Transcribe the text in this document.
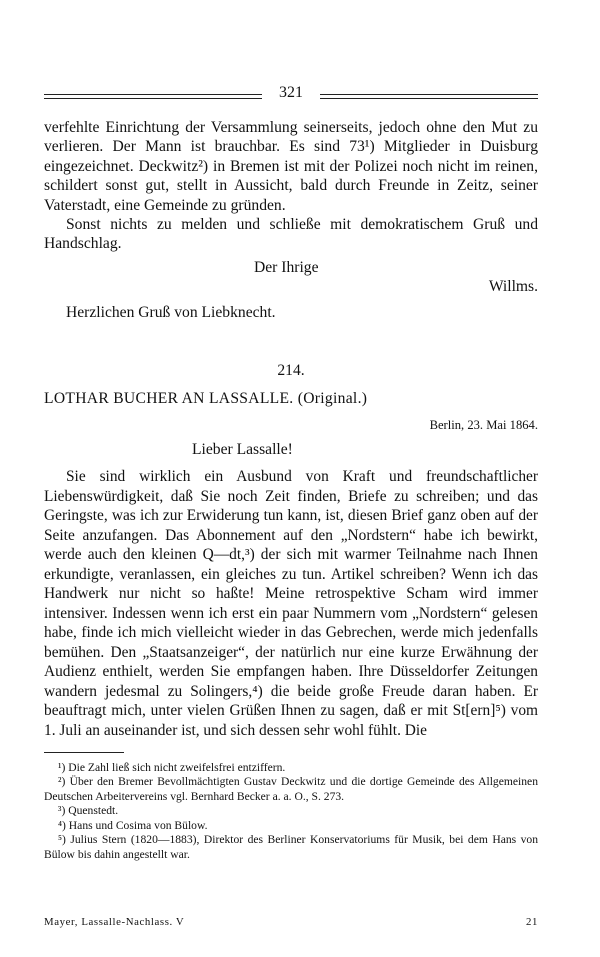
321

verfehlte Einrichtung der Versammlung seinerseits, jedoch ohne den Mut zu verlieren. Der Mann ist brauchbar. Es sind 73¹) Mitglieder in Duisburg eingezeichnet. Deckwitz²) in Bremen ist mit der Polizei noch nicht im reinen, schildert sonst gut, stellt in Aussicht, bald durch Freunde in Zeitz, seiner Vaterstadt, eine Gemeinde zu gründen.

Sonst nichts zu melden und schließe mit demokratischem Gruß und Handschlag.

Der Ihrige
Willms.
Herzlichen Gruß von Liebknecht.
214.
LOTHAR BUCHER AN LASSALLE. (Original.)
Berlin, 23. Mai 1864.
Lieber Lassalle!

Sie sind wirklich ein Ausbund von Kraft und freundschaftlicher Liebenswürdigkeit, daß Sie noch Zeit finden, Briefe zu schreiben; und das Geringste, was ich zur Erwiderung tun kann, ist, diesen Brief ganz oben auf der Seite anzufangen. Das Abonnement auf den „Nordstern“ habe ich bewirkt, werde auch den kleinen Q—dt,³) der sich mit warmer Teilnahme nach Ihnen erkundigte, veranlassen, ein gleiches zu tun. Artikel schreiben? Wenn ich das Handwerk nur nicht so haßte! Meine retrospektive Scham wird immer intensiver. Indessen wenn ich erst ein paar Nummern vom „Nordstern“ gelesen habe, finde ich mich vielleicht wieder in das Gebrechen, werde mich jedenfalls bemühen. Den „Staatsanzeiger“, der natürlich nur eine kurze Erwähnung der Audienz enthielt, werden Sie empfangen haben. Ihre Düsseldorfer Zeitungen wandern jedesmal zu Solingers,⁴) die beide große Freude daran haben. Er beauftragt mich, unter vielen Grüßen Ihnen zu sagen, daß er mit St[ern]⁵) vom 1. Juli an auseinander ist, und sich dessen sehr wohl fühlt. Die

¹) Die Zahl ließ sich nicht zweifelsfrei entziffern.

²) Über den Bremer Bevollmächtigten Gustav Deckwitz und die dortige Gemeinde des Allgemeinen Deutschen Arbeitervereins vgl. Bernhard Becker a. a. O., S. 273.

³) Quenstedt.

⁴) Hans und Cosima von Bülow.

⁵) Julius Stern (1820—1883), Direktor des Berliner Konservatoriums für Musik, bei dem Hans von Bülow bis dahin angestellt war.

Mayer, Lassalle-Nachlass. V	21
